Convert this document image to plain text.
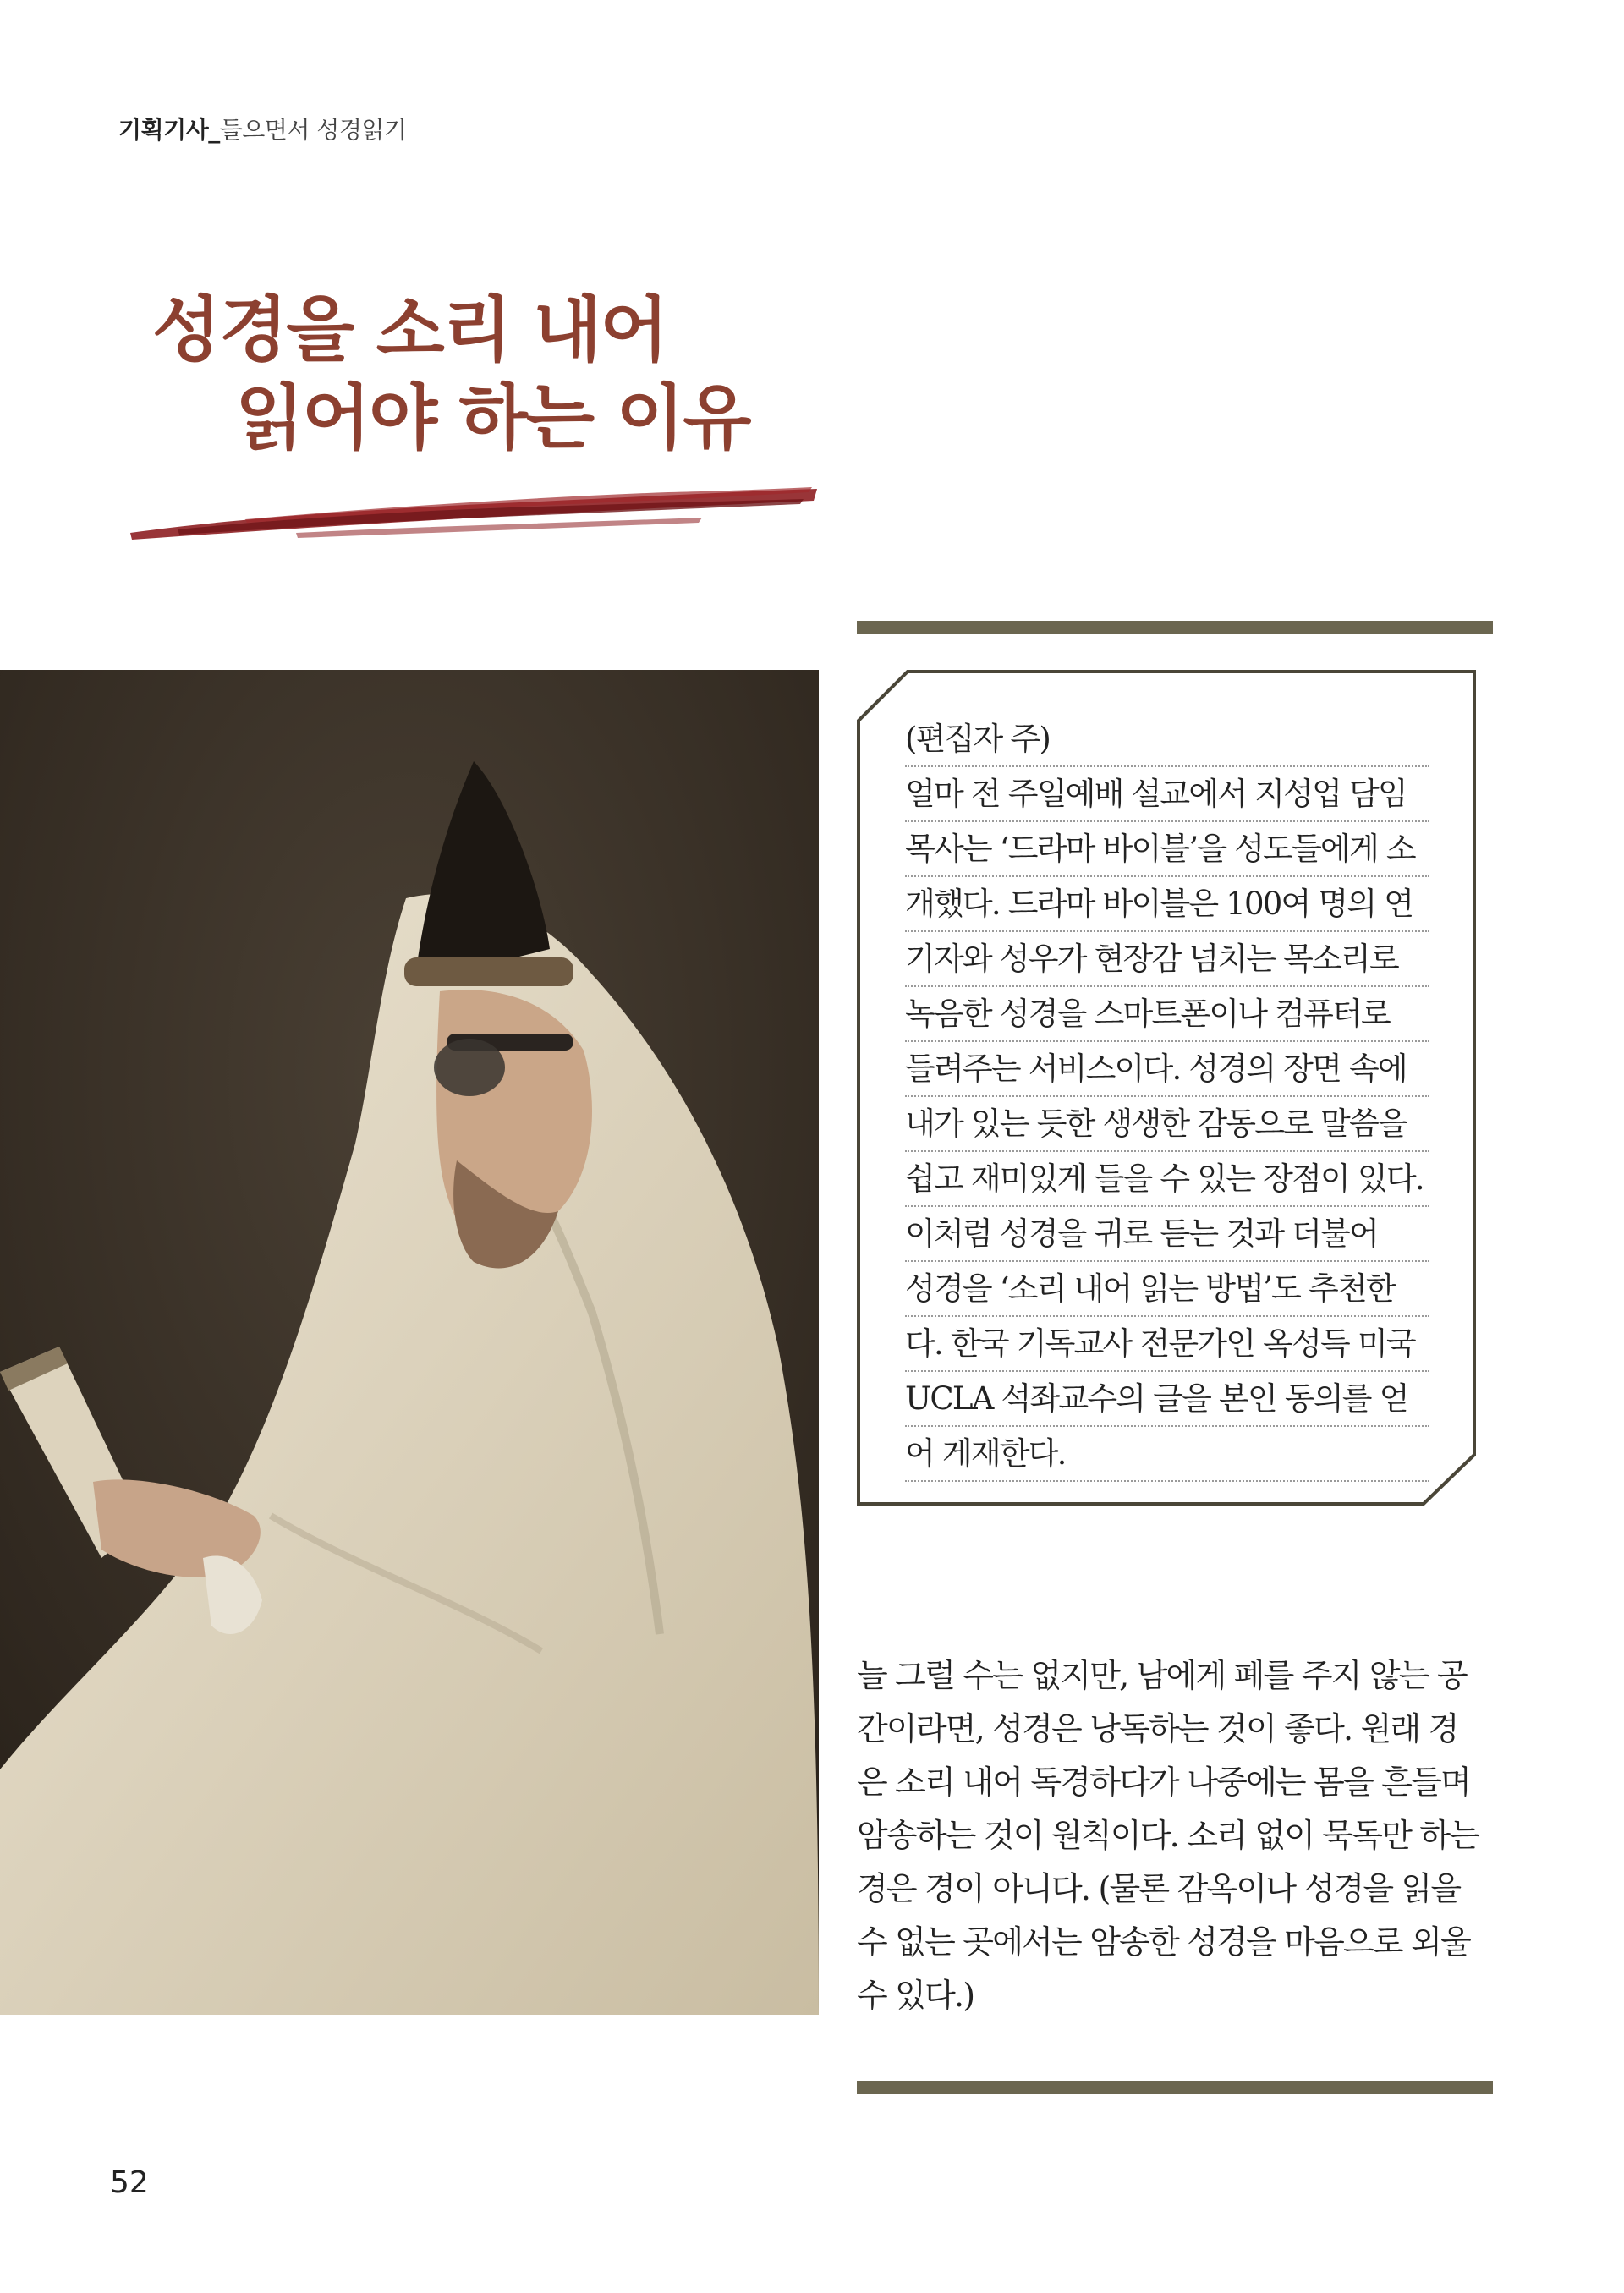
기획기사_들으면서 성경읽기
성경을 소리 내어
읽어야 하는 이유
(편집자 주)
얼마 전 주일예배 설교에서 지성업 담임
목사는 ‘드라마 바이블’을 성도들에게 소
개했다. 드라마 바이블은 100여 명의 연
기자와 성우가 현장감 넘치는 목소리로
녹음한 성경을 스마트폰이나 컴퓨터로
들려주는 서비스이다. 성경의 장면 속에
내가 있는 듯한 생생한 감동으로 말씀을
쉽고 재미있게 들을 수 있는 장점이 있다.
이처럼 성경을 귀로 듣는 것과 더불어
성경을 ‘소리 내어 읽는 방법’도 추천한
다. 한국 기독교사 전문가인 옥성득 미국
UCLA 석좌교수의 글을 본인 동의를 얻
어 게재한다.
늘 그럴 수는 없지만, 남에게 폐를 주지 않는 공
간이라면, 성경은 낭독하는 것이 좋다. 원래 경
은 소리 내어 독경하다가 나중에는 몸을 흔들며
암송하는 것이 원칙이다. 소리 없이 묵독만 하는
경은 경이 아니다. (물론 감옥이나 성경을 읽을
수 없는 곳에서는 암송한 성경을 마음으로 외울
수 있다.)
52
